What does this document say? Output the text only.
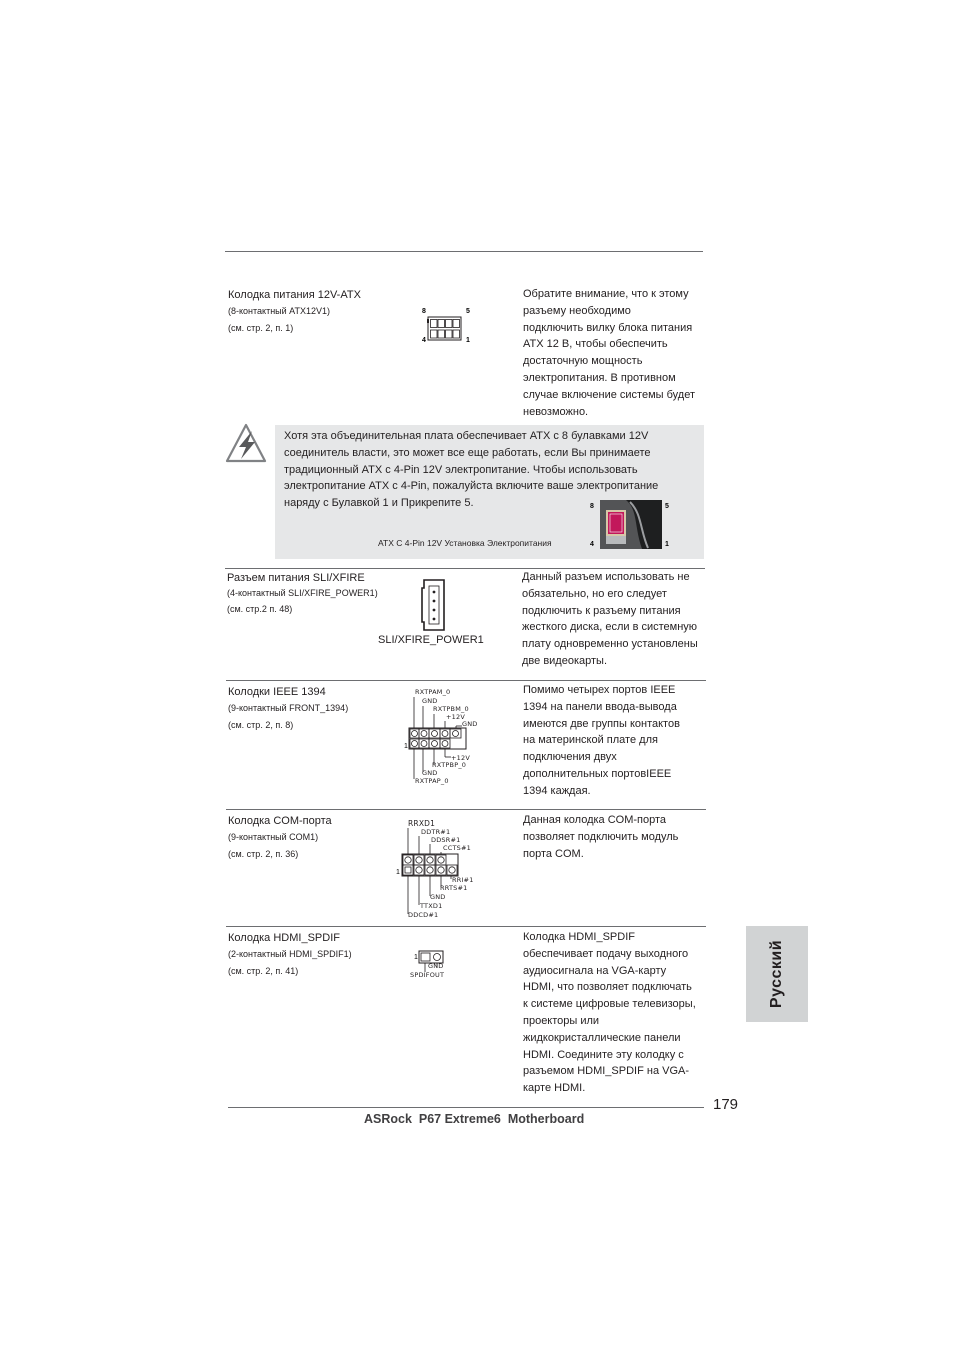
Колодка питания 12V-ATX
(8-контактный ATX12V1)
(см. стр. 2, п. 1)
8	5
4	1
Обратите внимание, что к этому
разъему необходимо
подключить вилку блока питания
ATX 12 В, чтобы обеспечить
достаточную мощность
электропитания. В противном
случае включение системы будет
невозможно.
Хотя эта объединительная плата обеспечивает ATX с 8 булавками 12V
соединитель власти, это может все еще работать, если Вы принимаете
традиционный ATX с 4-Pin 12V электропитание. Чтобы использовать
электропитание ATX с 4-Pin, пожалуйста включите ваше электропитание
наряду с Булавкой 1 и Прикрепите 5.
ATX С 4-Pin 12V Установка Электропитания
8	5
4	1
Разъем питания SLI/XFIRE
(4-контактный SLI/XFIRE_POWER1)
(см. стр.2 п. 48)
SLI/XFIRE_POWER1
Данный разъем использовать не
обязательно, но его следует
подключить к разъему питания
жесткого диска, если в системную
плату одновременно установлены
две видеокарты.
Колодки IEEE 1394
(9-контактный FRONT_1394)
(см. стр. 2, п. 8)
RXTPAM_0
GND
RXTPBM_0
+12V
GND
+12V
RXTPBP_0
GND
RXTPAP_0
1
Помимо четырех портов IEEE
1394 на панели ввода-вывода
имеются две группы контактов
на материнской плате для
подключения двух
дополнительных портовIEEE
1394 каждая.
Колодка COM-порта
(9-контактный COM1)
(см. стр. 2, п. 36)
RRXD1
DDTR#1
DDSR#1
CCTS#1
RRI#1
RRTS#1
GND
TTXD1
DDCD#1
1
Данная колодка COM-порта
позволяет подключить модуль
порта COM.
Колодка HDMI_SPDIF
(2-контактный HDMI_SPDIF1)
(см. стр. 2, п. 41)
1
GND
SPDIFOUT
Колодка HDMI_SPDIF
обеспечивает подачу выходного
аудиосигнала на VGA-карту
HDMI, что позволяет подключать
к системе цифровые телевизоры,
проекторы или
жидкокристаллические панели
HDMI. Соедините эту колодку с
разъемом HDMI_SPDIF на VGA-
карте HDMI.
Русский
179
ASRock  P67 Extreme6  Motherboard
